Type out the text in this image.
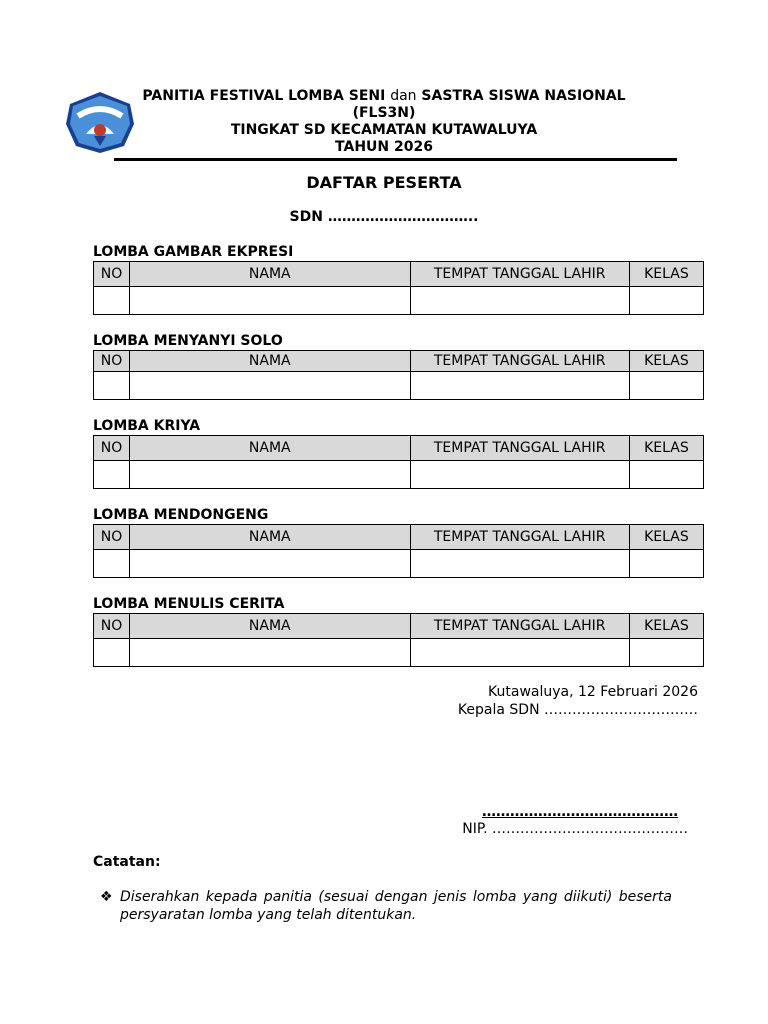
PANITIA FESTIVAL LOMBA SENI dan SASTRA SISWA NASIONAL
(FLS3N)
TINGKAT SD KECAMATAN KUTAWALUYA
TAHUN 2026
DAFTAR PESERTA
SDN …………………………..
LOMBA GAMBAR EKPRESI
NO	NAMA	TEMPAT TANGGAL LAHIR	KELAS

LOMBA MENYANYI SOLO
NO	NAMA	TEMPAT TANGGAL LAHIR	KELAS

LOMBA KRIYA
NO	NAMA	TEMPAT TANGGAL LAHIR	KELAS

LOMBA MENDONGENG
NO	NAMA	TEMPAT TANGGAL LAHIR	KELAS

LOMBA MENULIS CERITA
NO	NAMA	TEMPAT TANGGAL LAHIR	KELAS

Kutawaluya, 12 Februari 2026
Kepala SDN ……………………………
……………………………………
NIP. ……………………………………
Catatan:
❖ Diserahkan kepada panitia (sesuai dengan jenis lomba yang diikuti) beserta persyaratan lomba yang telah ditentukan.
